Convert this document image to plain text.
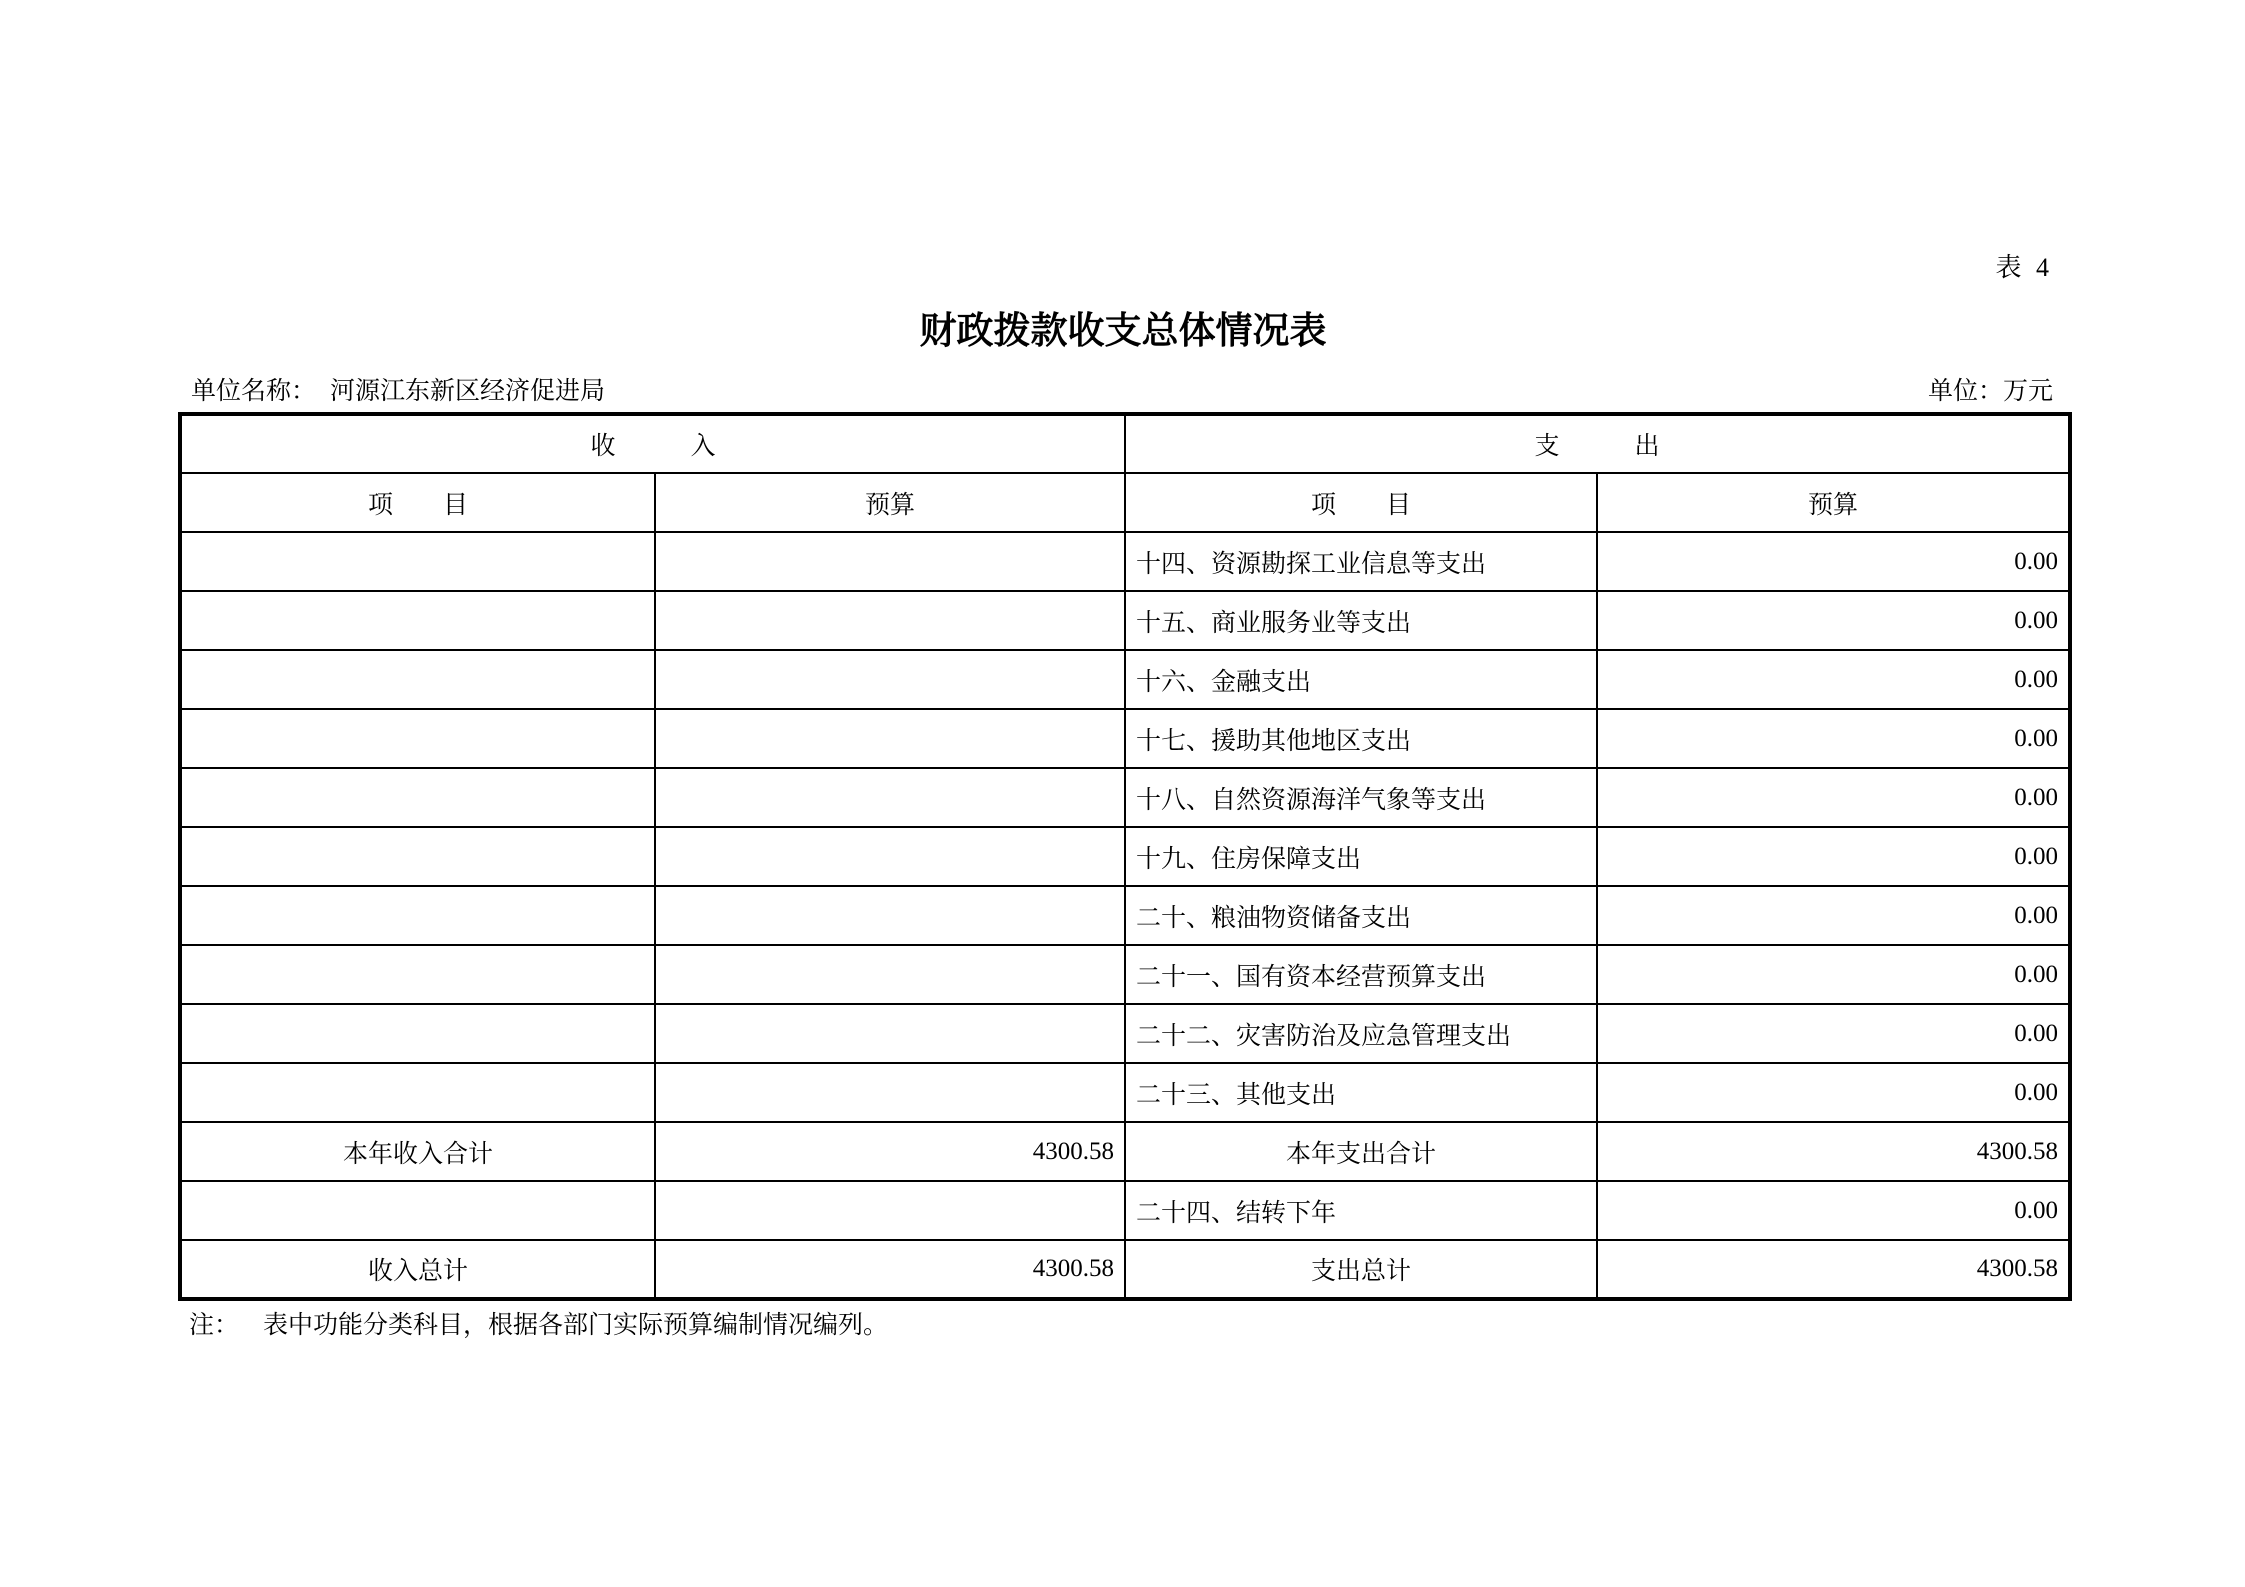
表 4
财政拨款收支总体情况表
单位名称： 河源江东新区经济促进局	单位：万元
收　　　入		支　　　出	
项　　目	预算	项　　目	预算
		十四、资源勘探工业信息等支出	0.00
		十五、商业服务业等支出	0.00
		十六、金融支出	0.00
		十七、援助其他地区支出	0.00
		十八、自然资源海洋气象等支出	0.00
		十九、住房保障支出	0.00
		二十、粮油物资储备支出	0.00
		二十一、国有资本经营预算支出	0.00
		二十二、灾害防治及应急管理支出	0.00
		二十三、其他支出	0.00
本年收入合计	4300.58	本年支出合计	4300.58
		二十四、结转下年	0.00
收入总计	4300.58	支出总计	4300.58
注： 表中功能分类科目，根据各部门实际预算编制情况编列。
